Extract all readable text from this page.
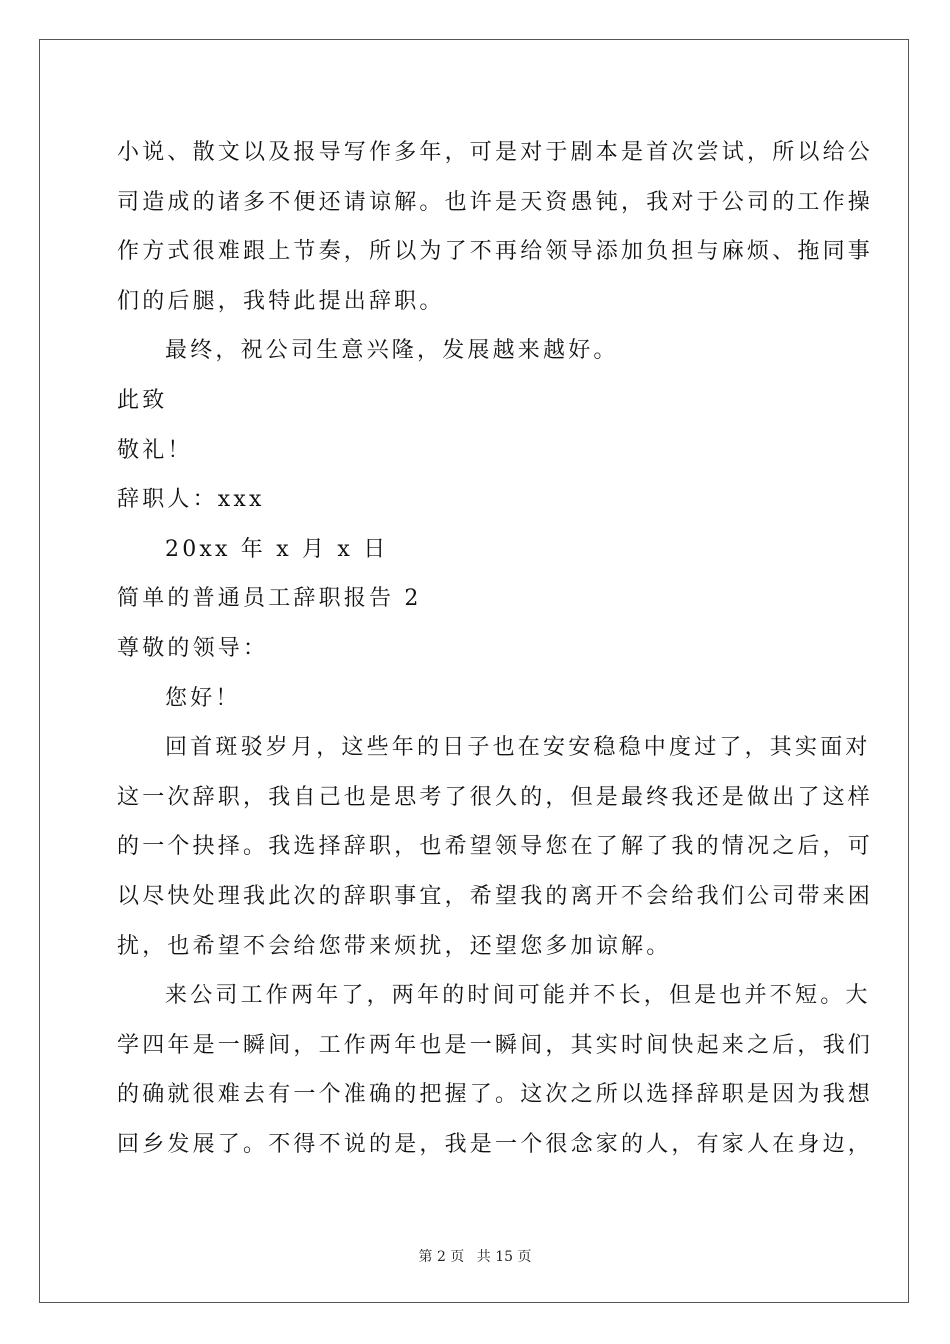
小说、散文以及报导写作多年，可是对于剧本是首次尝试，所以给公
司造成的诸多不便还请谅解。也许是天资愚钝，我对于公司的工作操
作方式很难跟上节奏，所以为了不再给领导添加负担与麻烦、拖同事
们的后腿，我特此提出辞职。
最终，祝公司生意兴隆，发展越来越好。
此致
敬礼！
辞职人：xxx
20xx 年 x 月 x 日
简单的普通员工辞职报告 2
尊敬的领导：
您好！
回首斑驳岁月，这些年的日子也在安安稳稳中度过了，其实面对
这一次辞职，我自己也是思考了很久的，但是最终我还是做出了这样
的一个抉择。我选择辞职，也希望领导您在了解了我的情况之后，可
以尽快处理我此次的辞职事宜，希望我的离开不会给我们公司带来困
扰，也希望不会给您带来烦扰，还望您多加谅解。
来公司工作两年了，两年的时间可能并不长，但是也并不短。大
学四年是一瞬间，工作两年也是一瞬间，其实时间快起来之后，我们
的确就很难去有一个准确的把握了。这次之所以选择辞职是因为我想
回乡发展了。不得不说的是，我是一个很念家的人，有家人在身边，
第 2 页 共 15 页
